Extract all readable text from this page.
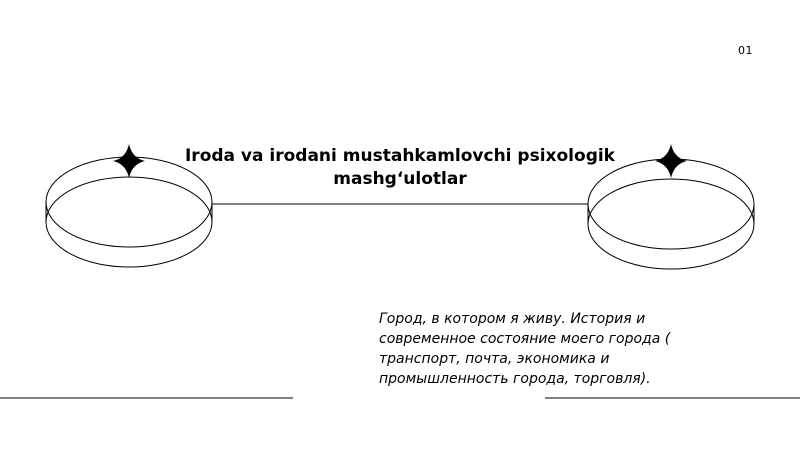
01
Iroda va irodani mustahkamlovchi psixologik mashg‘ulotlar
Город, в котором я живу. История и современное состояние моего города ( транспорт, почта, экономика и промышленность города, торговля).
